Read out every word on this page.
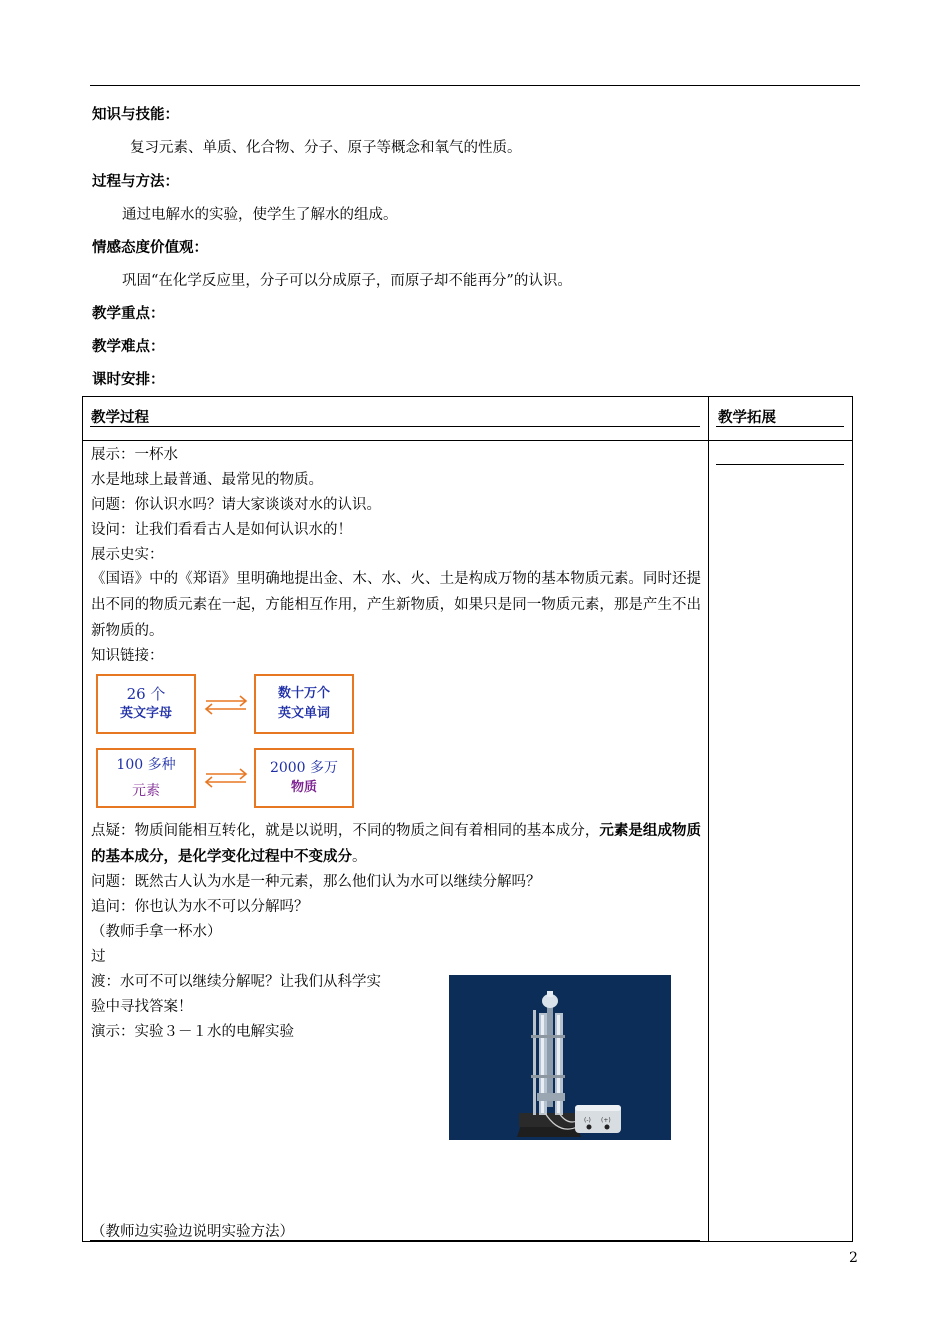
知识与技能：
复习元素、单质、化合物、分子、原子等概念和氧气的性质。
过程与方法：
通过电解水的实验，使学生了解水的组成。
情感态度价值观：
巩固“在化学反应里，分子可以分成原子，而原子却不能再分”的认识。
教学重点：
教学难点：
课时安排：
教学过程	教学拓展
展示：一杯水
水是地球上最普通、最常见的物质。
问题：你认识水吗？请大家谈谈对水的认识。
设问：让我们看看古人是如何认识水的！
展示史实：
《国语》中的《郑语》里明确地提出金、木、水、火、土是构成万物的基本物质元素。同时还提出不同的物质元素在一起，方能相互作用，产生新物质，如果只是同一物质元素，那是产生不出新物质的。
知识链接：
26 个
英文字母
数十万个
英文单词
100 多种
元素
2000 多万
物质
点疑：物质间能相互转化，就是以说明，不同的物质之间有着相同的基本成分，元素是组成物质的基本成分，是化学变化过程中不变成分。
问题：既然古人认为水是一种元素，那么他们认为水可以继续分解吗？
追问：你也认为水不可以分解吗？
（教师手拿一杯水）
过
渡：水可不可以继续分解呢？让我们从科学实
验中寻找答案！
演示：实验３－１水的电解实验
(-) (+)
（教师边实验边说明实验方法）
2
